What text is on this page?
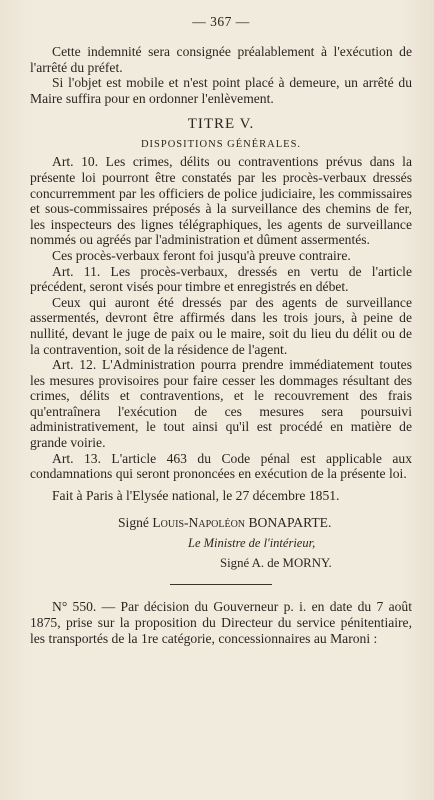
— 367 —

Cette indemnité sera consignée préalablement à l'exécution de l'arrêté du préfet.

Si l'objet est mobile et n'est point placé à demeure, un arrêté du Maire suffira pour en ordonner l'enlèvement.

TITRE V.
DISPOSITIONS GÉNÉRALES.

Art. 10. Les crimes, délits ou contraventions prévus dans la présente loi pourront être constatés par les procès-verbaux dressés concurremment par les officiers de police judiciaire, les commissaires et sous-commissaires préposés à la surveillance des chemins de fer, les inspecteurs des lignes télégraphiques, les agents de surveillance nommés ou agréés par l'administration et dûment assermentés.

Ces procès-verbaux feront foi jusqu'à preuve contraire.

Art. 11. Les procès-verbaux, dressés en vertu de l'article précédent, seront visés pour timbre et enregistrés en débet.

Ceux qui auront été dressés par des agents de surveillance assermentés, devront être affirmés dans les trois jours, à peine de nullité, devant le juge de paix ou le maire, soit du lieu du délit ou de la contravention, soit de la résidence de l'agent.

Art. 12. L'Administration pourra prendre immédiatement toutes les mesures provisoires pour faire cesser les dommages résultant des crimes, délits et contraventions, et le recouvrement des frais qu'entraînera l'exécution de ces mesures sera poursuivi administrativement, le tout ainsi qu'il est procédé en matière de grande voirie.

Art. 13. L'article 463 du Code pénal est applicable aux condamnations qui seront prononcées en exécution de la présente loi.

Fait à Paris à l'Elysée national, le 27 décembre 1851.

Signé Louis-Napoléon BONAPARTE.
Le Ministre de l'intérieur,
Signé A. de MORNY.

N° 550. — Par décision du Gouverneur p. i. en date du 7 août 1875, prise sur la proposition du Directeur du service pénitentiaire, les transportés de la 1re catégorie, concessionnaires au Maroni :
